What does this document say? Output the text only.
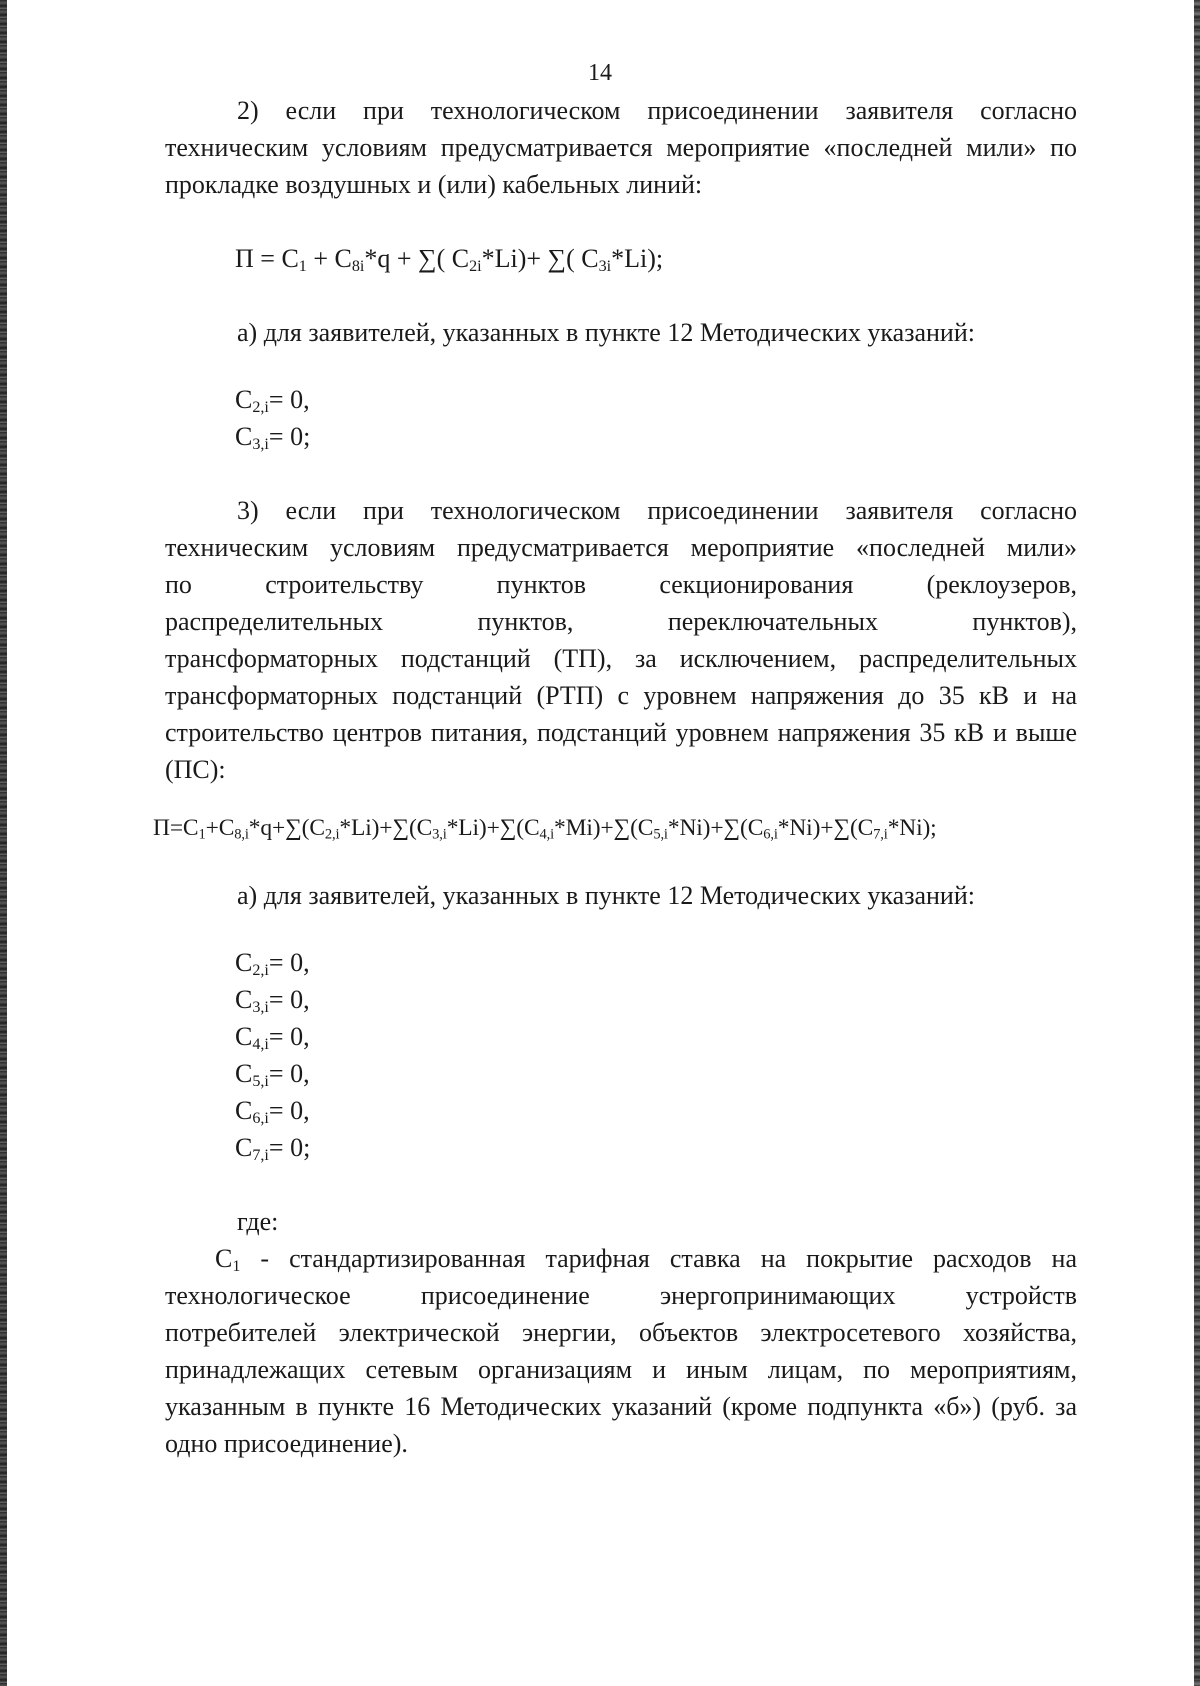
14

2) если при технологическом присоединении заявителя согласно техническим условиям предусматривается мероприятие «последней мили» по прокладке воздушных и (или) кабельных линий:

$П = C_1 + C_{8i}*q$ + ∑( $C_{2i}*Li)+$ ∑( $C_{3i}*Li$);

а) для заявителей, указанных в пункте 12 Методических указаний:

$C_{2,i}= 0$,

$C_{3,i}= 0$;

3) если при технологическом присоединении заявителя согласно техническим условиям предусматривается мероприятие «последней мили»

по строительству пунктов секционирования (реклоузеров,

распределительных пунктов, переключательных пунктов),

трансформаторных подстанций (ТП), за исключением, распределительных трансформаторных подстанций (РТП) с уровнем напряжения до 35 кВ и на строительство центров питания, подстанций уровнем напряжения 35 кВ и выше (ПС):

$П=C_1+C_{8,i}*q+\sum(C_{2,i}*Li)+\sum(C_{3,i}*Li)+\sum(C_{4,i}*Mi)+\sum(C_{5,i}*Ni)+\sum(C_{6,i}*Ni)+\sum(C_{7,i}*Ni)$;

а) для заявителей, указанных в пункте 12 Методических указаний:

$C_{2,i}= 0$,

$C_{3,i}= 0$,

$C_{4,i}= 0$,

$C_{5,i}= 0$,

$C_{6,i}= 0$,

$C_{7,i}= 0$;

где:

$C_1$ - стандартизированная тарифная ставка на покрытие расходов на

технологическое присоединение энергопринимающих устройств

потребителей электрической энергии, объектов электросетевого хозяйства, принадлежащих сетевым организациям и иным лицам, по мероприятиям, указанным в пункте 16 Методических указаний (кроме подпункта «б») (руб. за одно присоединение).
